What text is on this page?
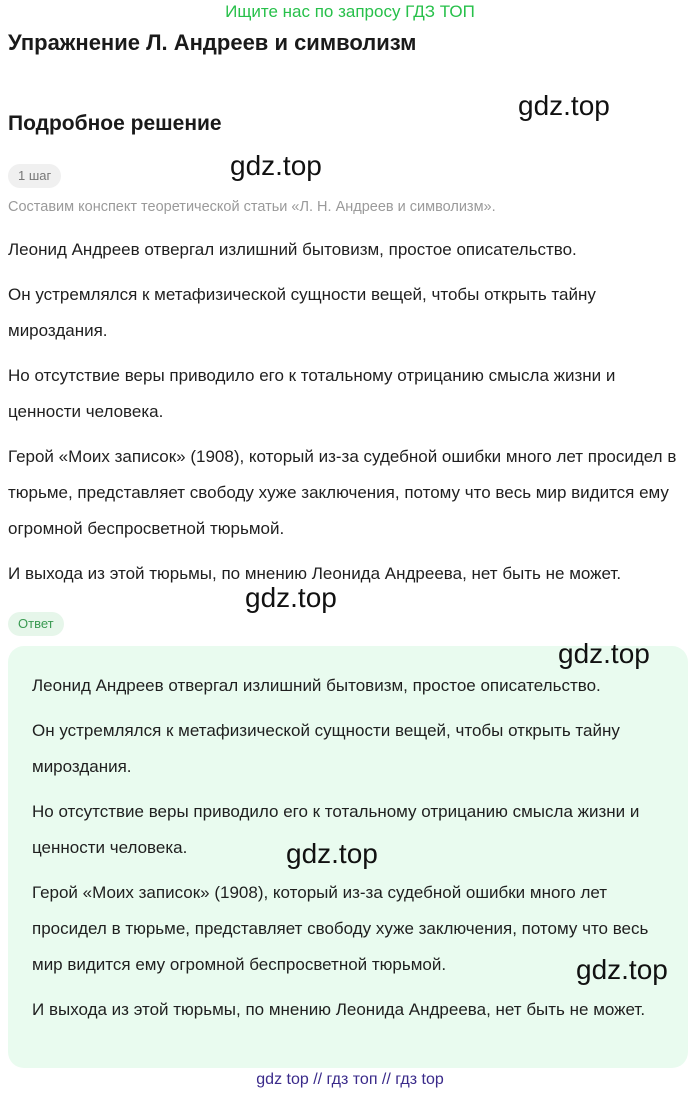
Ищите нас по запросу ГДЗ ТОП
Упражнение Л. Андреев и символизм
Подробное решение
1 шаг
Составим конспект теоретической статьи «Л. Н. Андреев и символизм».

Леонид Андреев отвергал излишний бытовизм, простое описательство.

Он устремлялся к метафизической сущности вещей, чтобы открыть тайну мироздания.

Но отсутствие веры приводило его к тотальному отрицанию смысла жизни и ценности человека.

Герой «Моих записок» (1908), который из-за судебной ошибки много лет просидел в тюрьме, представляет свободу хуже заключения, потому что весь мир видится ему огромной беспросветной тюрьмой.

И выхода из этой тюрьмы, по мнению Леонида Андреева, нет быть не может.

Ответ

Леонид Андреев отвергал излишний бытовизм, простое описательство.

Он устремлялся к метафизической сущности вещей, чтобы открыть тайну мироздания.

Но отсутствие веры приводило его к тотальному отрицанию смысла жизни и ценности человека.

Герой «Моих записок» (1908), который из-за судебной ошибки много лет просидел в тюрьме, представляет свободу хуже заключения, потому что весь мир видится ему огромной беспросветной тюрьмой.

И выхода из этой тюрьмы, по мнению Леонида Андреева, нет быть не может.

gdz.top
gdz.top
gdz.top
gdz.top
gdz.top
gdz.top
gdz top // гдз топ // гдз top
